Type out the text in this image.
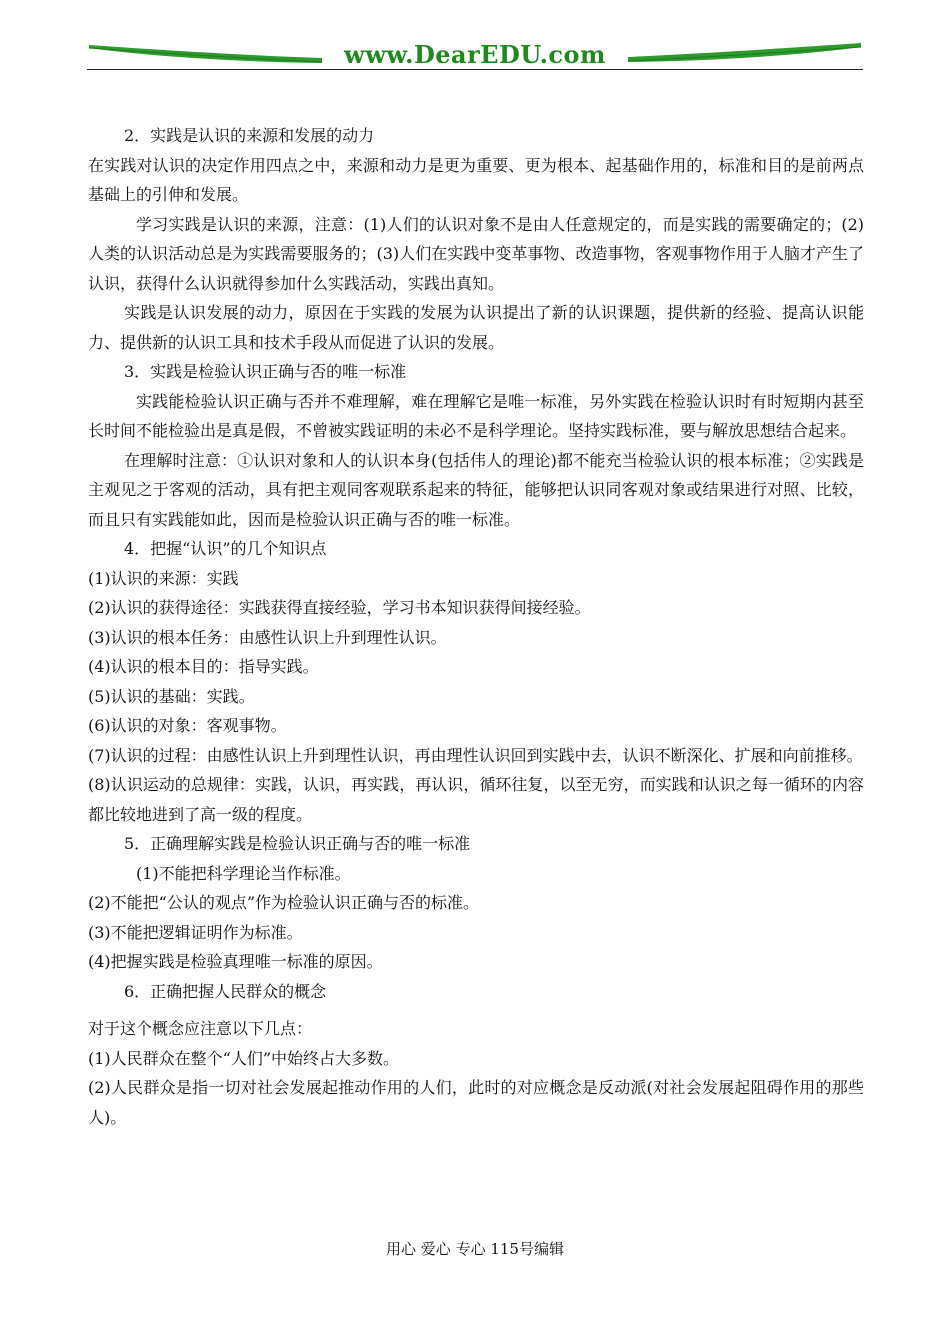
www.DearEDU.com

2．实践是认识的来源和发展的动力

在实践对认识的决定作用四点之中，来源和动力是更为重要、更为根本、起基础作用的，标准和目的是前两点基础上的引伸和发展。

学习实践是认识的来源，注意：(1)人们的认识对象不是由人任意规定的，而是实践的需要确定的；(2)人类的认识活动总是为实践需要服务的；(3)人们在实践中变革事物、改造事物，客观事物作用于人脑才产生了认识，获得什么认识就得参加什么实践活动，实践出真知。

实践是认识发展的动力，原因在于实践的发展为认识提出了新的认识课题，提供新的经验、提高认识能力、提供新的认识工具和技术手段从而促进了认识的发展。

3．实践是检验认识正确与否的唯一标准

实践能检验认识正确与否并不难理解，难在理解它是唯一标准，另外实践在检验认识时有时短期内甚至长时间不能检验出是真是假，不曾被实践证明的未必不是科学理论。坚持实践标准，要与解放思想结合起来。

在理解时注意：①认识对象和人的认识本身(包括伟人的理论)都不能充当检验认识的根本标准；②实践是主观见之于客观的活动，具有把主观同客观联系起来的特征，能够把认识同客观对象或结果进行对照、比较，而且只有实践能如此，因而是检验认识正确与否的唯一标准。

4．把握“认识”的几个知识点

(1)认识的来源：实践

(2)认识的获得途径：实践获得直接经验，学习书本知识获得间接经验。

(3)认识的根本任务：由感性认识上升到理性认识。

(4)认识的根本目的：指导实践。

(5)认识的基础：实践。

(6)认识的对象：客观事物。

(7)认识的过程：由感性认识上升到理性认识，再由理性认识回到实践中去，认识不断深化、扩展和向前推移。

(8)认识运动的总规律：实践，认识，再实践，再认识，循环往复，以至无穷，而实践和认识之每一循环的内容都比较地进到了高一级的程度。

5．正确理解实践是检验认识正确与否的唯一标准

(1)不能把科学理论当作标准。

(2)不能把“公认的观点”作为检验认识正确与否的标准。

(3)不能把逻辑证明作为标准。

(4)把握实践是检验真理唯一标准的原因。

6．正确把握人民群众的概念

对于这个概念应注意以下几点：

(1)人民群众在整个“人们”中始终占大多数。

(2)人民群众是指一切对社会发展起推动作用的人们，此时的对应概念是反动派(对社会发展起阻碍作用的那些人)。

用心 爱心 专心 115号编辑
